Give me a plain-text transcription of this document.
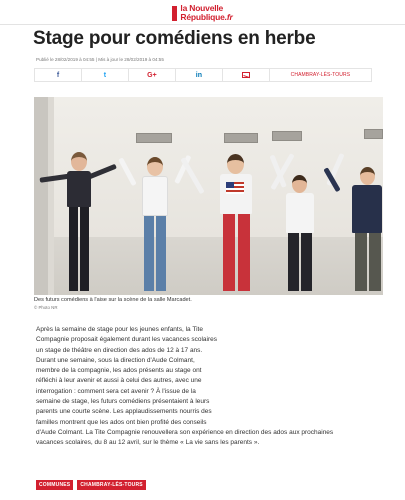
la Nouvelle
République.fr
Stage pour comédiens en herbe
Publié le 28/02/2019 à 04:55 | Mis à jour le 28/02/2019 à 04:55
f	t	G+	in	CHAMBRAY-LÈS-TOURS
Des futurs comédiens à l'aise sur la scène de la salle Marcadet.
© Photo NR
Après la semaine de stage pour les jeunes enfants, la Tite
Compagnie proposait également durant les vacances scolaires
un stage de théâtre en direction des ados de 12 à 17 ans.
Durant une semaine, sous la direction d'Aude Colmant,
membre de la compagnie, les ados présents au stage ont
réfléchi à leur avenir et aussi à celui des autres, avec une
interrogation : comment sera cet avenir ? À l'issue de la
semaine de stage, les futurs comédiens présentaient à leurs
parents une courte scène. Les applaudissements nourris des
familles montrent que les ados ont bien profité des conseils
d'Aude Colmant. La Tite Compagnie renouvellera son expérience en direction des ados aux prochaines
vacances scolaires, du 8 au 12 avril, sur le thème « La vie sans les parents ».
COMMUNES	CHAMBRAY-LÈS-TOURS
